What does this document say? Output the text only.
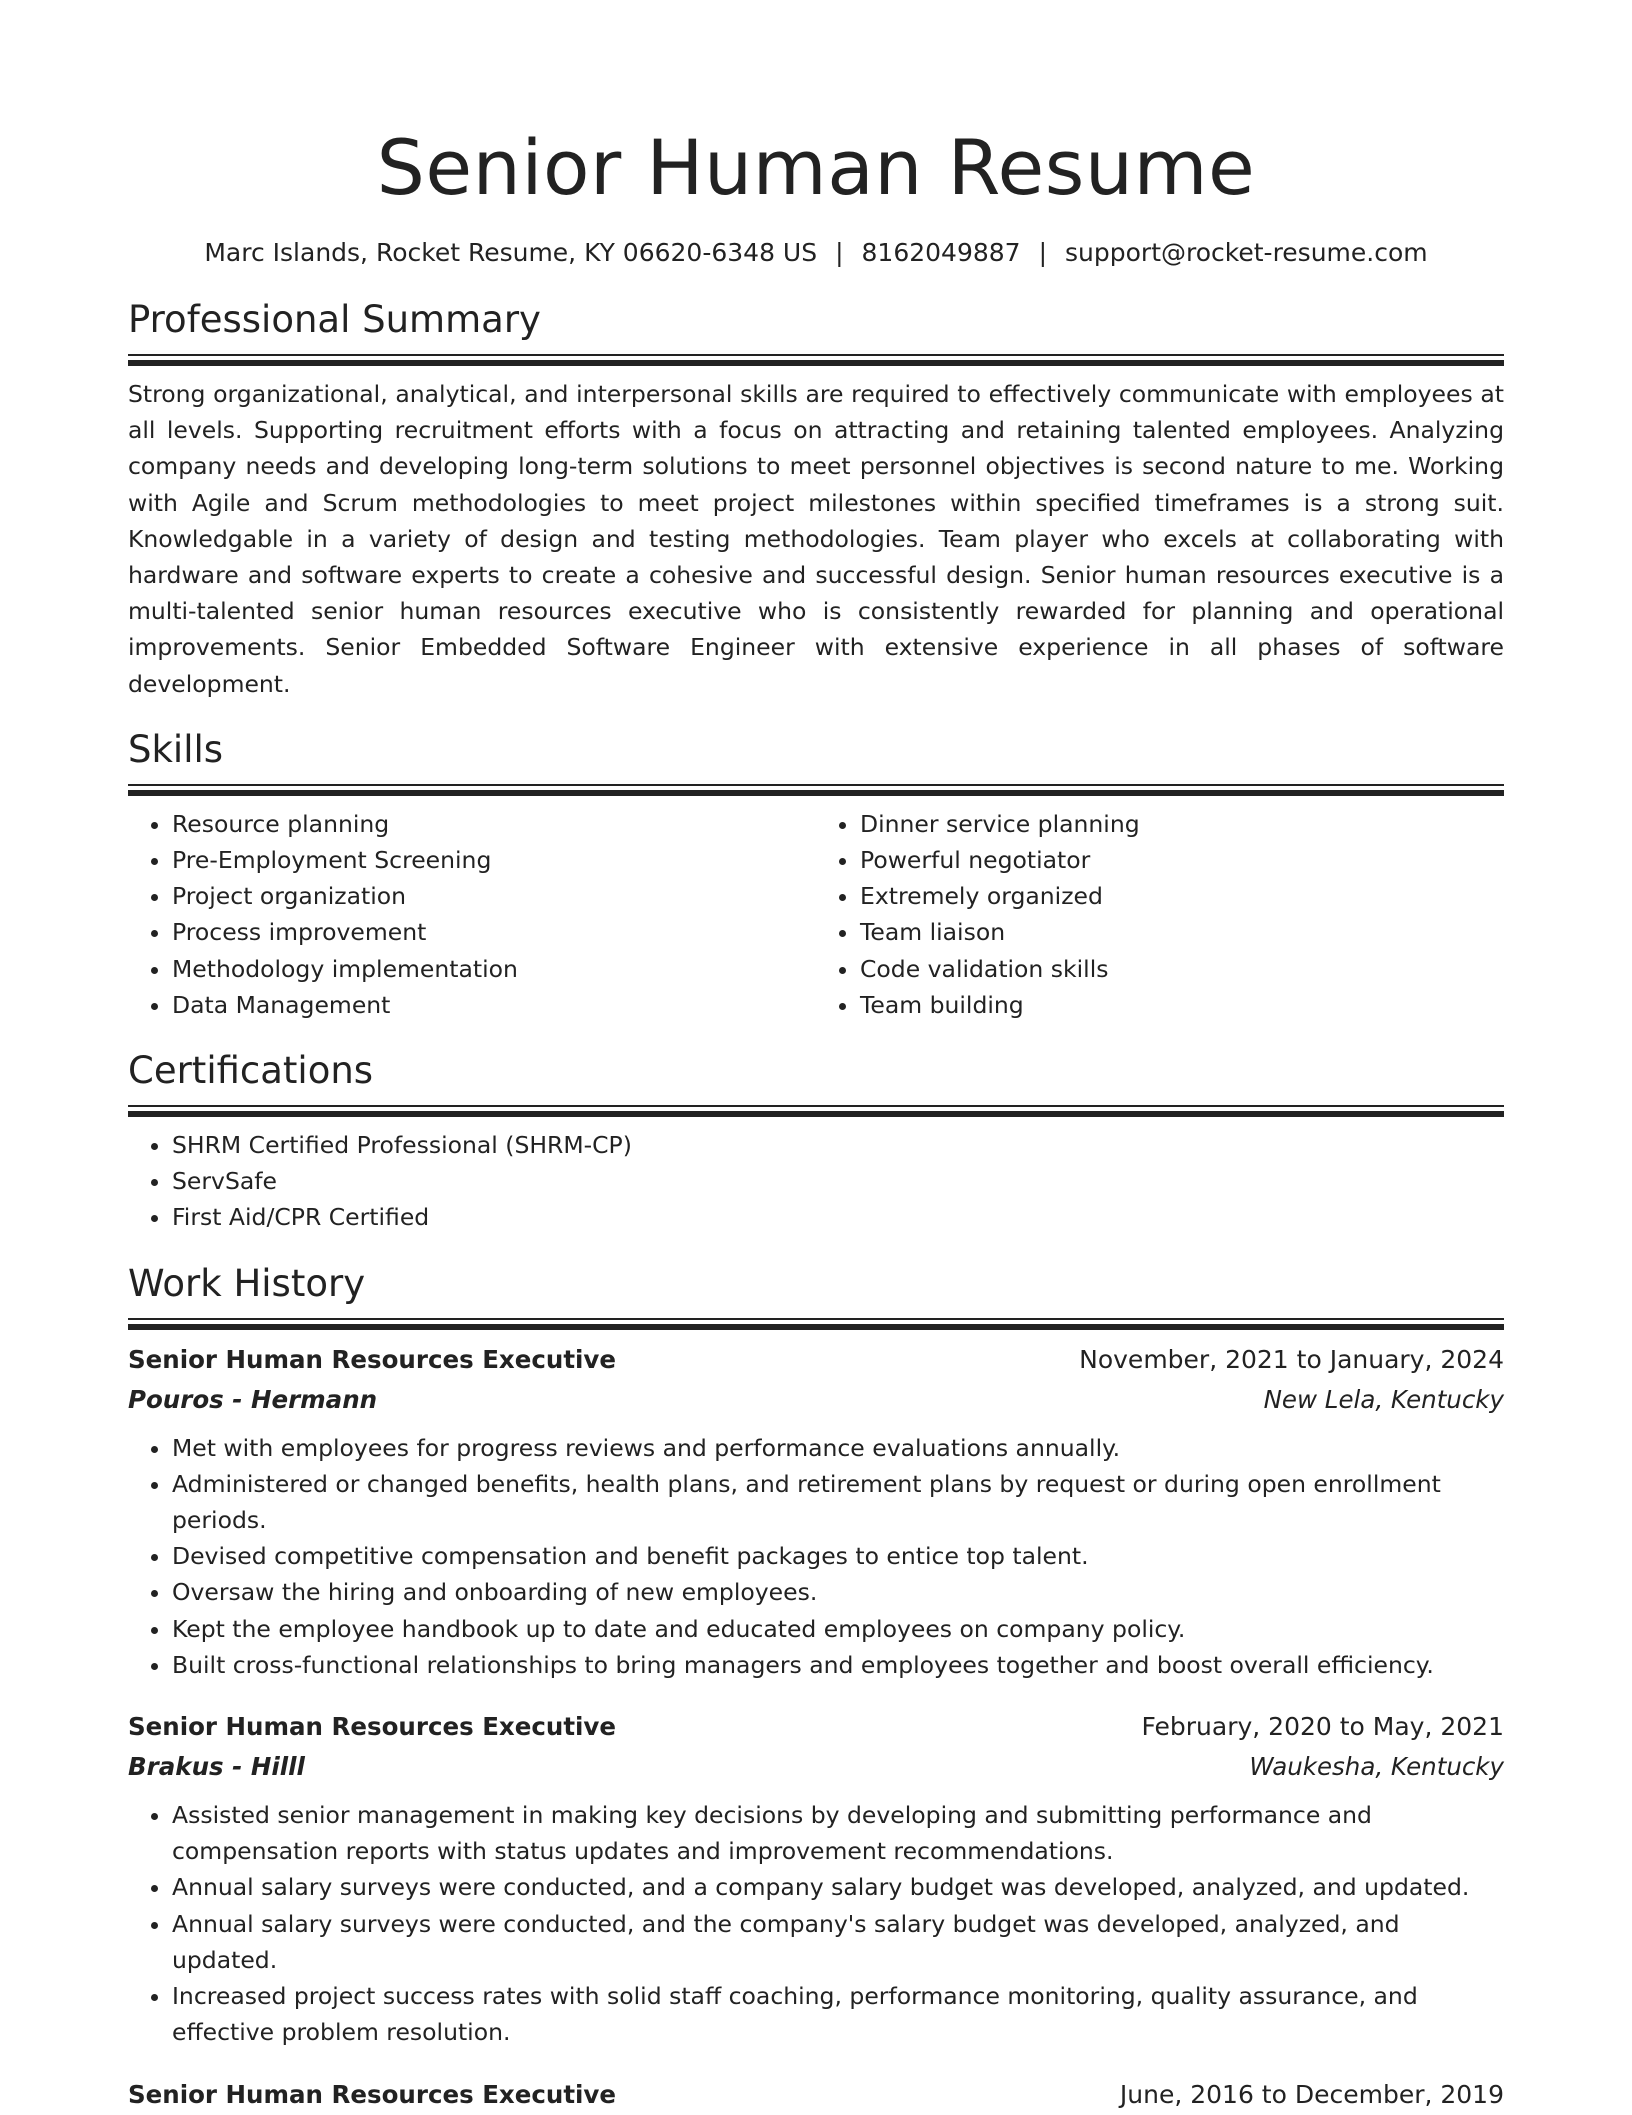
Senior Human Resume
Marc Islands, Rocket Resume, KY 06620-6348 US | 8162049887 | support@rocket-resume.com
Professional Summary
Strong organizational, analytical, and interpersonal skills are required to effectively communicate with employees at all levels. Supporting recruitment efforts with a focus on attracting and retaining talented employees. Analyzing company needs and developing long-term solutions to meet personnel objectives is second nature to me. Working with Agile and Scrum methodologies to meet project milestones within specified timeframes is a strong suit. Knowledgable in a variety of design and testing methodologies. Team player who excels at collaborating with hardware and software experts to create a cohesive and successful design. Senior human resources executive is a multi-talented senior human resources executive who is consistently rewarded for planning and operational improvements. Senior Embedded Software Engineer with extensive experience in all phases of software development.
Skills
• Resource planning
• Pre-Employment Screening
• Project organization
• Process improvement
• Methodology implementation
• Data Management
• Dinner service planning
• Powerful negotiator
• Extremely organized
• Team liaison
• Code validation skills
• Team building
Certifications
• SHRM Certified Professional (SHRM-CP)
• ServSafe
• First Aid/CPR Certified
Work History
Senior Human Resources Executive	November, 2021 to January, 2024
Pouros - Hermann	New Lela, Kentucky
• Met with employees for progress reviews and performance evaluations annually.
• Administered or changed benefits, health plans, and retirement plans by request or during open enrollment periods.
• Devised competitive compensation and benefit packages to entice top talent.
• Oversaw the hiring and onboarding of new employees.
• Kept the employee handbook up to date and educated employees on company policy.
• Built cross-functional relationships to bring managers and employees together and boost overall efficiency.
Senior Human Resources Executive	February, 2020 to May, 2021
Brakus - Hilll	Waukesha, Kentucky
• Assisted senior management in making key decisions by developing and submitting performance and compensation reports with status updates and improvement recommendations.
• Annual salary surveys were conducted, and a company salary budget was developed, analyzed, and updated.
• Annual salary surveys were conducted, and the company's salary budget was developed, analyzed, and updated.
• Increased project success rates with solid staff coaching, performance monitoring, quality assurance, and effective problem resolution.
Senior Human Resources Executive	June, 2016 to December, 2019
